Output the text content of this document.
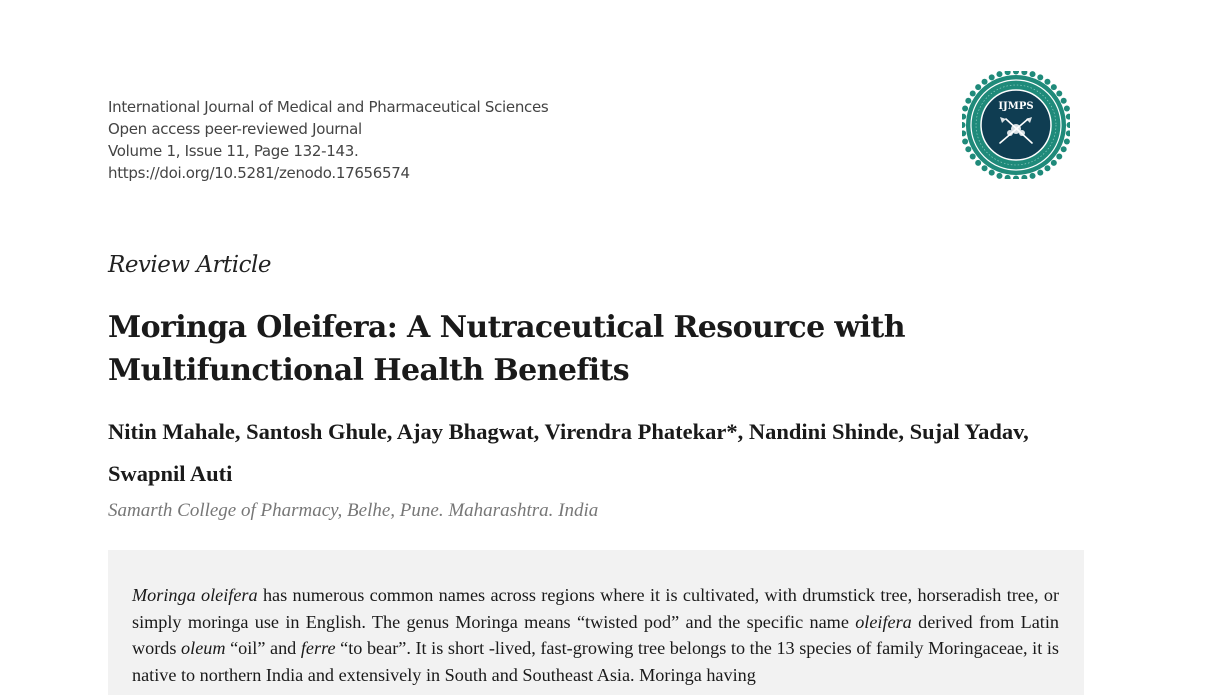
International Journal of Medical and Pharmaceutical Sciences
Open access peer-reviewed Journal
Volume 1, Issue 11, Page 132-143.
https://doi.org/10.5281/zenodo.17656574
IJMPS
Review Article
Moringa Oleifera: A Nutraceutical Resource with Multifunctional Health Benefits
Nitin Mahale, Santosh Ghule, Ajay Bhagwat, Virendra Phatekar*, Nandini Shinde, Sujal Yadav, Swapnil Auti
Samarth College of Pharmacy, Belhe, Pune. Maharashtra. India

Moringa oleifera has numerous common names across regions where it is cultivated, with drumstick tree, horseradish tree, or simply moringa use in English. The genus Moringa means “twisted pod” and the specific name oleifera derived from Latin words oleum “oil” and ferre “to bear”. It is short -lived, fast-growing tree belongs to the 13 species of family Moringaceae, it is native to northern India and extensively in South and Southeast Asia. Moringa having
